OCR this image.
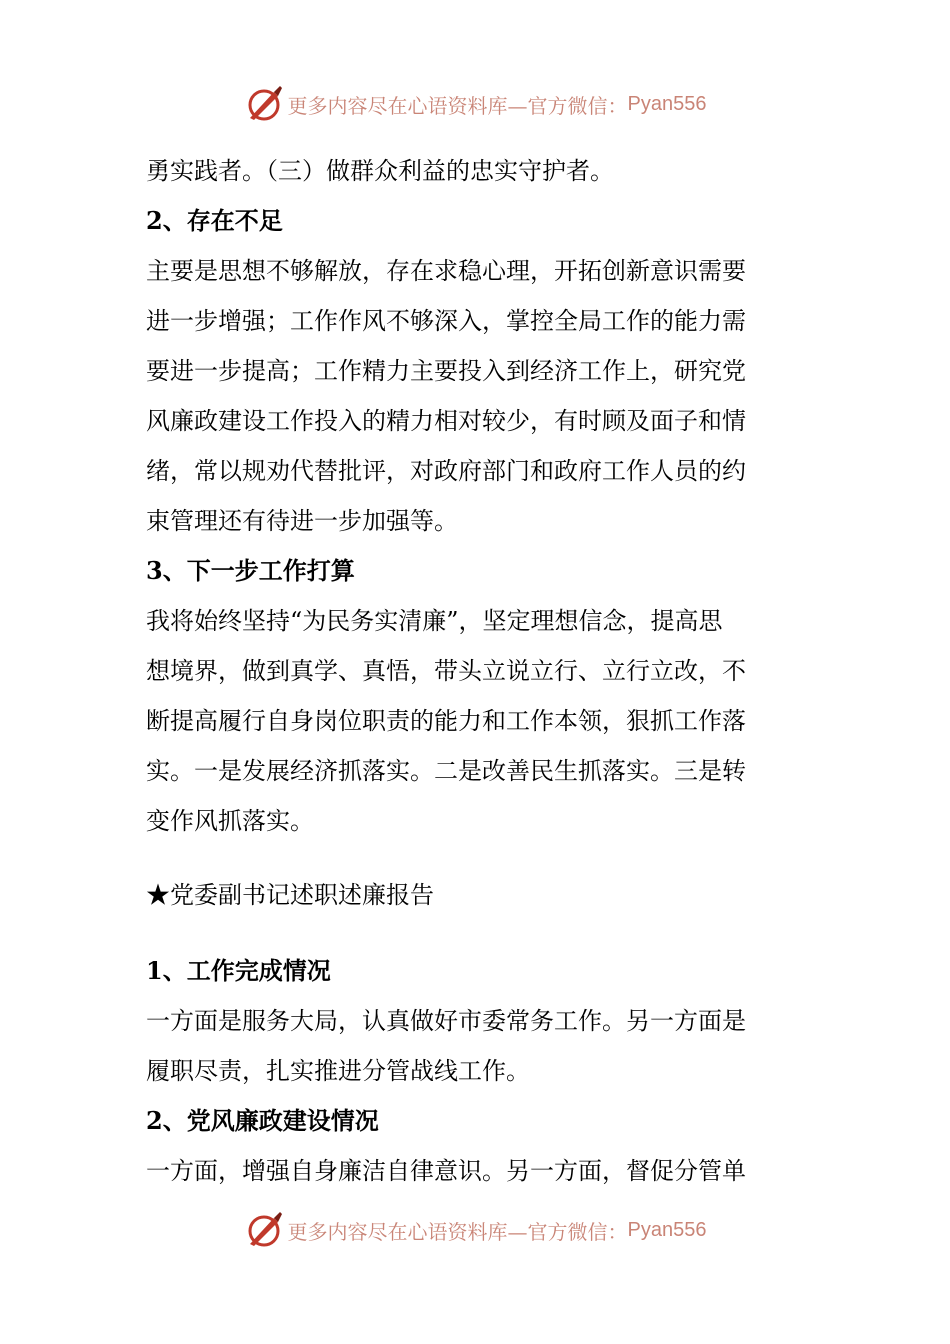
更多内容尽在心语资料库—官方微信： Pyan556
勇实践者。（三）做群众利益的忠实守护者。
2、存在不足
主要是思想不够解放，存在求稳心理，开拓创新意识需要
进一步增强；工作作风不够深入，掌控全局工作的能力需
要进一步提高；工作精力主要投入到经济工作上，研究党
风廉政建设工作投入的精力相对较少，有时顾及面子和情
绪，常以规劝代替批评，对政府部门和政府工作人员的约
束管理还有待进一步加强等。
3、下一步工作打算
我将始终坚持“为民务实清廉”，坚定理想信念，提高思
想境界，做到真学、真悟，带头立说立行、立行立改，不
断提高履行自身岗位职责的能力和工作本领，狠抓工作落
实。一是发展经济抓落实。二是改善民生抓落实。三是转
变作风抓落实。
★党委副书记述职述廉报告
1、工作完成情况
一方面是服务大局，认真做好市委常务工作。另一方面是
履职尽责，扎实推进分管战线工作。
2、党风廉政建设情况
一方面，增强自身廉洁自律意识。另一方面，督促分管单
更多内容尽在心语资料库—官方微信： Pyan556
